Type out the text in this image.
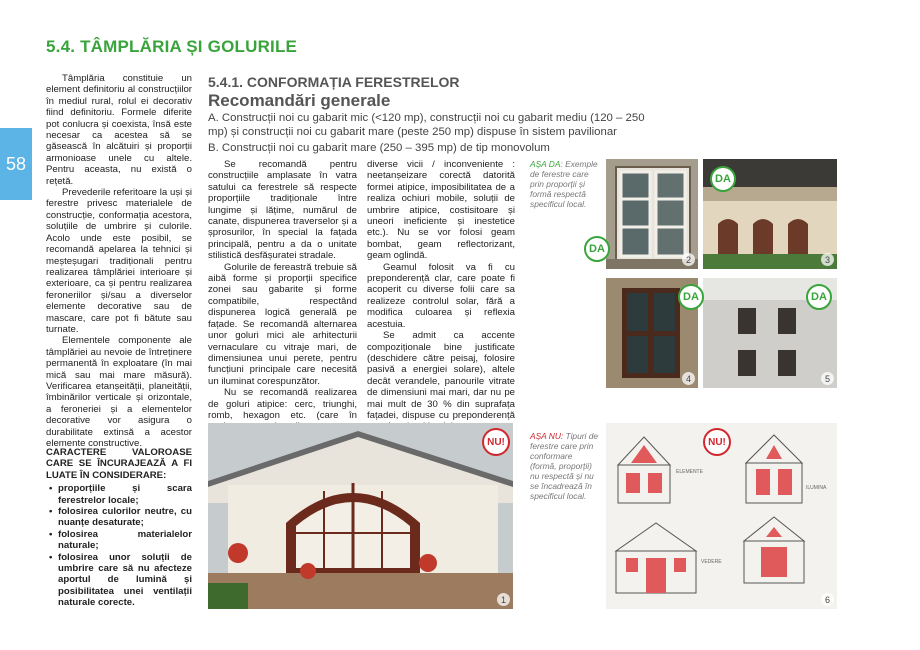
5.4. TÂMPLĂRIA ȘI GOLURILE
58

Tâmplăria constituie un element definitoriu al construcțiilor în mediul rural, rolul ei decorativ fiind definitoriu. Formele diferite pot conlucra și coexista, însă este necesar ca acestea să se găsească în alcătuiri și proporții armonioase unele cu altele. Pentru aceasta, nu există o rețetă.

Prevederile referitoare la uși și ferestre privesc materialele de construcție, conformația acestora, soluțiile de umbrire și culorile. Acolo unde este posibil, se recomandă apelarea la tehnici și meșteșugari tradiționali pentru realizarea tâmplăriei interioare și exterioare, ca și pentru realizarea feroneriilor și/sau a diverselor elemente decorative sau de mascare, care pot fi bătute sau turnate.

Elementele componente ale tâmplăriei au nevoie de întreținere permanentă în exploatare (în mai mică sau mai mare măsură). Verificarea etanșeității, planeității, îmbinărilor verticale și orizontale, a feroneriei și a elementelor decorative vor asigura o durabilitate extinsă a acestor elemente constructive.

CARACTERE VALOROASE CARE SE ÎNCURAJEAZĂ A FI LUATE ÎN CONSIDERARE:

• proporțiile și scara ferestrelor locale;
• folosirea culorilor neutre, cu nuanțe desaturate;
• folosirea materialelor naturale;
• folosirea unor soluții de umbrire care să nu afecteze aportul de lumină și posibilitatea unei ventilații naturale corecte.
5.4.1. CONFORMAȚIA FERESTRELOR
Recomandări generale

A. Construcții noi cu gabarit mic (<120 mp), construcții noi cu gabarit mediu (120 – 250 mp) și construcții noi cu gabarit mare (peste 250 mp) dispuse în sistem pavilionar

B. Construcții noi cu gabarit mare (250 – 395 mp) de tip monovolum

Se recomandă pentru construcțiile amplasate în vatra satului ca ferestrele să respecte proporțiile tradiționale între lungime și lățime, numărul de canate, dispunerea traverselor și a șprosurilor, în special la fațada principală, pentru a da o unitate stilistică desfășuratei stradale.

Golurile de fereastră trebuie să aibă forme și proporții specifice zonei sau gabarite și forme compatibile, respectând dispunerea logică generală pe fațade. Se recomandă alternarea unor goluri mici ale arhitecturii vernaculare cu vitraje mari, de dimensiunea unui perete, pentru funcțiuni principale care necesită un iluminat corespunzător.

Nu se recomandă realizarea de goluri atipice: cerc, triunghi, romb, hexagon etc. (care în

diverse vicii / inconveniente : neetanșeizare corectă datorită formei atipice, imposibilitatea de a realiza ochiuri mobile, soluții de umbrire atipice, costisitoare și uneori ineficiente și inestetice etc.). Nu se vor folosi geam bombat, geam reflectorizant, geam oglindă.

Geamul folosit va fi cu preponderență clar, care poate fi acoperit cu diverse folii care sa realizeze controlul solar, fără a modifica culoarea și reflexia acestuia.

Se admit ca accente compoziționale bine justificate (deschidere către peisaj, folosire pasivă a energiei solare), altele decât verandele, panourile vitrate de dimensiuni mai mari, dar nu pe mai mult de 30 % din suprafața fațadei, dispuse cu preponderență

AȘA DA: Exemple de ferestre care prin proporții și formă respectă specificul local.
AȘA NU: Tipuri de ferestre care prin conformare (formă, proporții) nu respectă și nu se încadrează în specificul local.
2	3
4	5
DA
DA
DA	DA
1
ELEMENTE
ILUMINA
VEDERE
6
NU!	NU!
